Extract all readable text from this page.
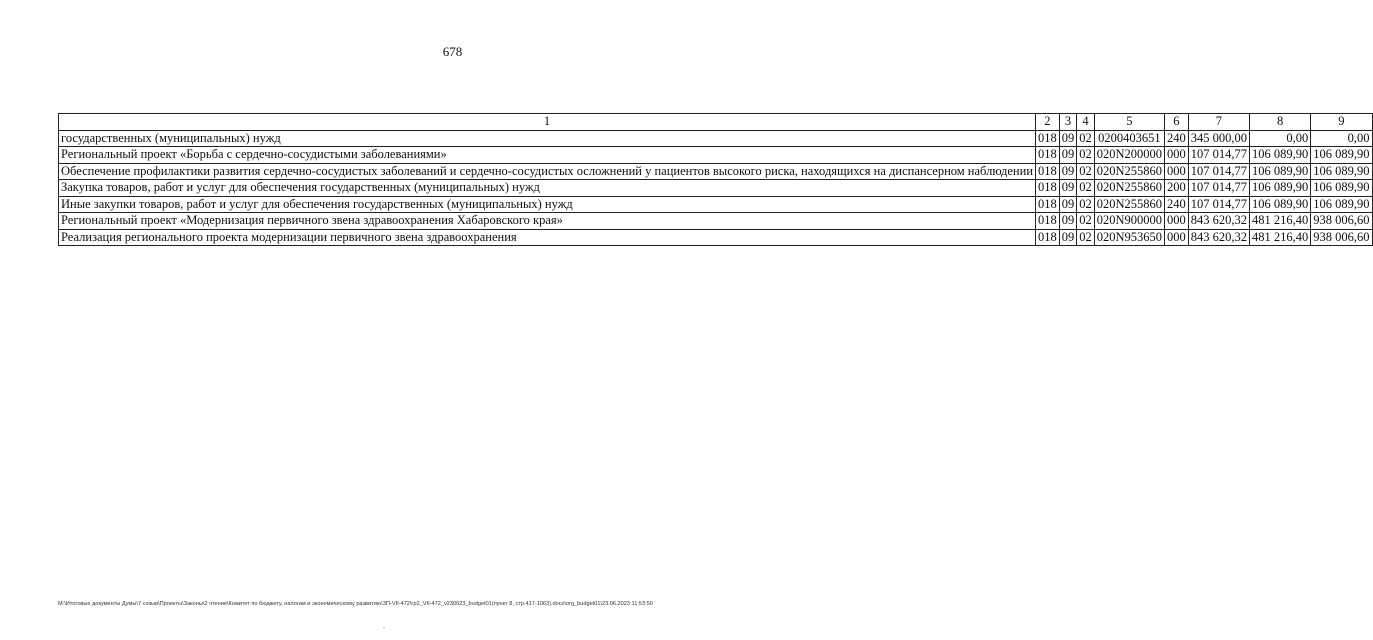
678
1	2	3	4	5	6	7	8	9
государственных (муниципальных) нужд	018	09	02	0200403651	240	345 000,00	0,00	0,00
Региональный проект «Борьба с сердечно-сосудистыми заболеваниями»	018	09	02	020N200000	000	107 014,77	106 089,90	106 089,90
Обеспечение профилактики развития сердечно-сосудистых заболеваний и сердечно-сосудистых осложнений у пациентов высокого риска, находящихся на диспансерном наблюдении	018	09	02	020N255860	000	107 014,77	106 089,90	106 089,90
Закупка товаров, работ и услуг для обеспечения государственных (муниципальных) нужд	018	09	02	020N255860	200	107 014,77	106 089,90	106 089,90
Иные закупки товаров, работ и услуг для обеспечения государственных (муниципальных) нужд	018	09	02	020N255860	240	107 014,77	106 089,90	106 089,90
Региональный проект «Модернизация первичного звена здравоохранения Хабаровского края»	018	09	02	020N900000	000	843 620,32	481 216,40	938 006,60
Реализация регионального проекта модернизации первичного звена здравоохранения	018	09	02	020N953650	000	843 620,32	481 216,40	938 006,60
M:\Итоговые документы Думы\7 созыв\Проекты\Законы\2 чтение\Комитет по бюджету, налогам и экономическому развитию\ЗП-VII-472\гр2_VII-472_v230623_budget01(пункт 8, стр.417-1063).docx\org_budget01\23.06.2023 11:53:50
